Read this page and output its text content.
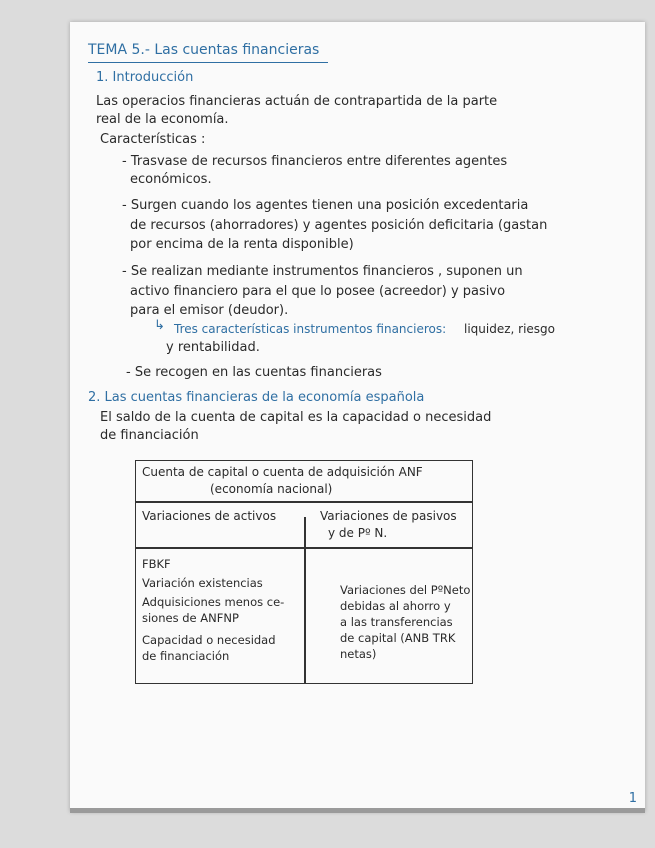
TEMA 5.- Las cuentas financieras
1. Introducción
Las operacios financieras actuán de contrapartida de la parte
real de la economía.
Características :
- Trasvase de recursos financieros entre diferentes agentes
económicos.
- Surgen cuando los agentes tienen una posición excedentaria
de recursos (ahorradores) y agentes posición deficitaria (gastan
por encima de la renta disponible)
- Se realizan mediante instrumentos financieros , suponen un
activo financiero para el que lo posee (acreedor) y pasivo
para el emisor (deudor).
↳ Tres características instrumentos financieros: liquidez, riesgo
y rentabilidad.
- Se recogen en las cuentas financieras
2. Las cuentas financieras de la economía española
El saldo de la cuenta de capital es la capacidad o necesidad
de financiación
Cuenta de capital o cuenta de adquisición ANF
(economía nacional)
Variaciones de activos	Variaciones de pasivos
y de Pº N.
FBKF
Variación existencias
Adquisiciones menos ce-
siones de ANFNP
Capacidad o necesidad
de financiación
Variaciones del PºNeto
debidas al ahorro y
a las transferencias
de capital (ANB TRK
netas)
1
